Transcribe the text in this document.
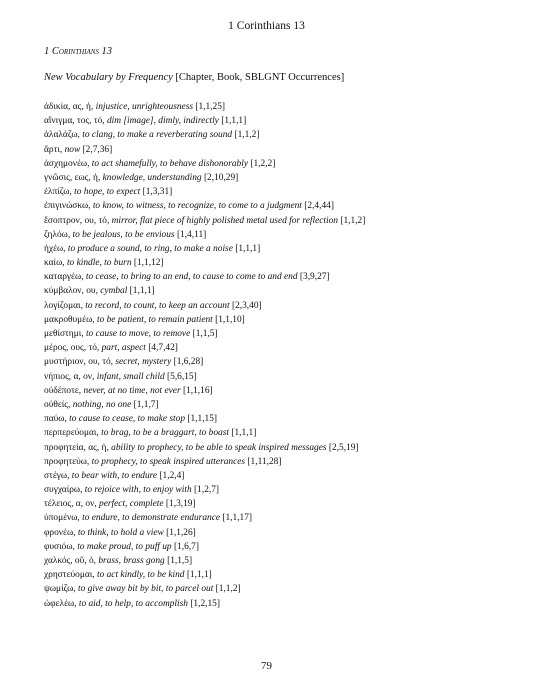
1 Corinthians 13
1 Corinthians 13
New Vocabulary by Frequency [Chapter, Book, SBLGNT Occurrences]
ἀδικία, ας, ἡ, injustice, unrighteousness [1,1,25]
αἴνιγμα, τος, τό, dim [image], dimly, indirectly [1,1,1]
ἀλαλάζω, to clang, to make a reverberating sound [1,1,2]
ἄρτι, now [2,7,36]
ἀσχημονέω, to act shamefully, to behave dishonorably [1,2,2]
γνῶσις, εως, ἡ, knowledge, understanding [2,10,29]
ἐλπίζω, to hope, to expect [1,3,31]
ἐπιγινώσκω, to know, to witness, to recognize, to come to a judgment [2,4,44]
ἔσοπτρον, ου, τό, mirror, flat piece of highly polished metal used for reflection [1,1,2]
ζηλόω, to be jealous, to be envious [1,4,11]
ἠχέω, to produce a sound, to ring, to make a noise [1,1,1]
καίω, to kindle, to burn [1,1,12]
καταργέω, to cease, to bring to an end, to cause to come to and end [3,9,27]
κύμβαλον, ου, cymbal [1,1,1]
λογίζομαι, to record, to count, to keep an account [2,3,40]
μακροθυμέω, to be patient, to remain patient [1,1,10]
μεθίστημι, to cause to move, to remove [1,1,5]
μέρος, ους, τό, part, aspect [4,7,42]
μυστήριον, ου, τό, secret, mystery [1,6,28]
νήπιος, α, ον, infant, small child [5,6,15]
οὐδέποτε, never, at no time, not ever [1,1,16]
οὐθείς, nothing, no one [1,1,7]
παύω, to cause to cease, to make stop [1,1,15]
περπερεύομαι, to brag, to be a braggart, to boast [1,1,1]
προφητεία, ας, ἡ, ability to prophecy, to be able to speak inspired messages [2,5,19]
προφητεύω, to prophecy, to speak inspired utterances [1,11,28]
στέγω, to bear with, to endure [1,2,4]
συγχαίρω, to rejoice with, to enjoy with [1,2,7]
τέλειος, α, ον, perfect, complete [1,3,19]
ὑπομένω, to endure, to demonstrate endurance [1,1,17]
φρονέω, to think, to hold a view [1,1,26]
φυσιόω, to make proud, to puff up [1,6,7]
χαλκός, οῦ, ὁ, brass, brass gong [1,1,5]
χρηστεύομαι, to act kindly, to be kind [1,1,1]
ψωμίζω, to give away bit by bit, to parcel out [1,1,2]
ὠφελέω, to aid, to help, to accomplish [1,2,15]
79
